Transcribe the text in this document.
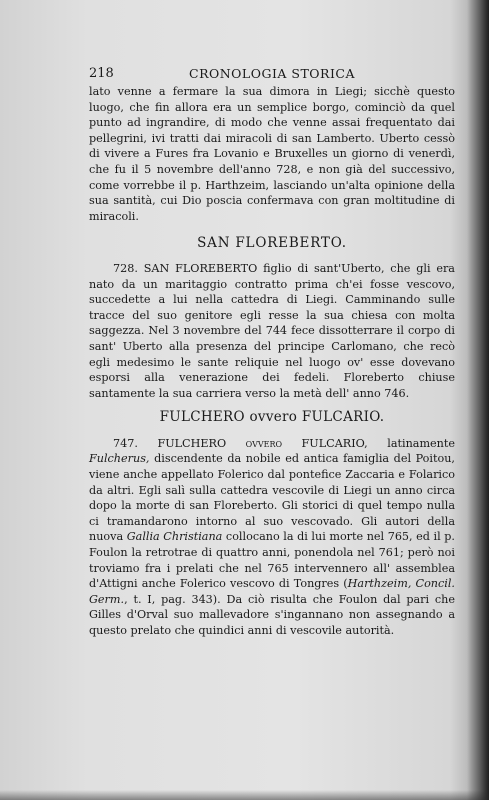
218	CRONOLOGIA STORICA

lato venne a fermare la sua dimora in Liegi; sicchè questo luogo, che fin allora era un semplice borgo, cominciò da quel punto ad ingrandire, di modo che venne assai frequentato dai pellegrini, ivi tratti dai miracoli di san Lamberto. Uberto cessò di vivere a Fures fra Lovanio e Bruxelles un giorno di venerdì, che fu il 5 novembre dell'anno 728, e non già del successivo, come vorrebbe il p. Harthzeim, lasciando un'alta opinione della sua santità, cui Dio poscia confermava con gran moltitudine di miracoli.

SAN FLOREBERTO.

728. SAN FLOREBERTO figlio di sant'Uberto, che gli era nato da un maritaggio contratto prima ch'ei fosse vescovo, succedette a lui nella cattedra di Liegi. Camminando sulle tracce del suo genitore egli resse la sua chiesa con molta saggezza. Nel 3 novembre del 744 fece dissotterrare il corpo di sant' Uberto alla presenza del principe Carlomano, che recò egli medesimo le sante reliquie nel luogo ov' esse dovevano esporsi alla venerazione dei fedeli. Floreberto chiuse santamente la sua carriera verso la metà dell' anno 746.

FULCHERO ovvero FULCARIO.

747. FULCHERO ovvero FULCARIO, latinamente Fulcherus, discendente da nobile ed antica famiglia del Poitou, viene anche appellato Folerico dal pontefice Zaccaria e Folarico da altri. Egli salì sulla cattedra vescovile di Liegi un anno circa dopo la morte di san Floreberto. Gli storici di quel tempo nulla ci tramandarono intorno al suo vescovado. Gli autori della nuova Gallia Christiana collocano la di lui morte nel 765, ed il p. Foulon la retrotrae di quattro anni, ponendola nel 761; però noi troviamo fra i prelati che nel 765 intervennero all' assemblea d'Attigni anche Folerico vescovo di Tongres (Harthzeim, Concil. Germ., t. I, pag. 343). Da ciò risulta che Foulon dal pari che Gilles d'Orval suo mallevadore s'ingannano non assegnando a questo prelato che quindici anni di vescovile autorità.
